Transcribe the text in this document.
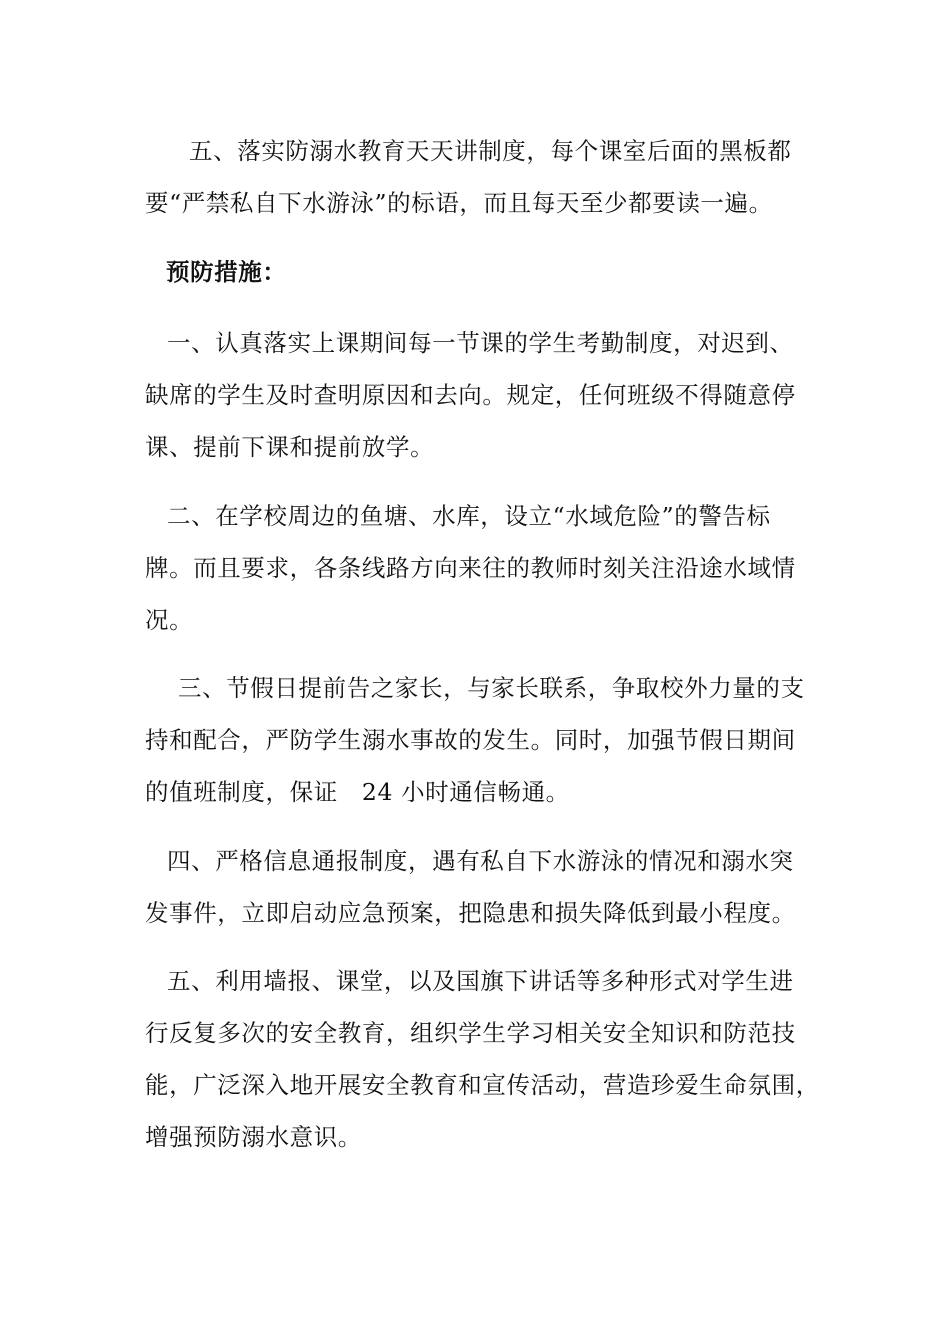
五、落实防溺水教育天天讲制度，每个课室后面的黑板都
要“严禁私自下水游泳”的标语，而且每天至少都要读一遍。

预防措施：

一、认真落实上课期间每一节课的学生考勤制度，对迟到、
缺席的学生及时查明原因和去向。规定，任何班级不得随意停
课、提前下课和提前放学。

二、在学校周边的鱼塘、水库，设立“水域危险”的警告标
牌。而且要求，各条线路方向来往的教师时刻关注沿途水域情
况。

三、节假日提前告之家长，与家长联系，争取校外力量的支
持和配合，严防学生溺水事故的发生。同时，加强节假日期间
的值班制度，保证　24 小时通信畅通。

四、严格信息通报制度，遇有私自下水游泳的情况和溺水突
发事件，立即启动应急预案，把隐患和损失降低到最小程度。

五、利用墙报、课堂，以及国旗下讲话等多种形式对学生进
行反复多次的安全教育，组织学生学习相关安全知识和防范技
能，广泛深入地开展安全教育和宣传活动，营造珍爱生命氛围，
增强预防溺水意识。
